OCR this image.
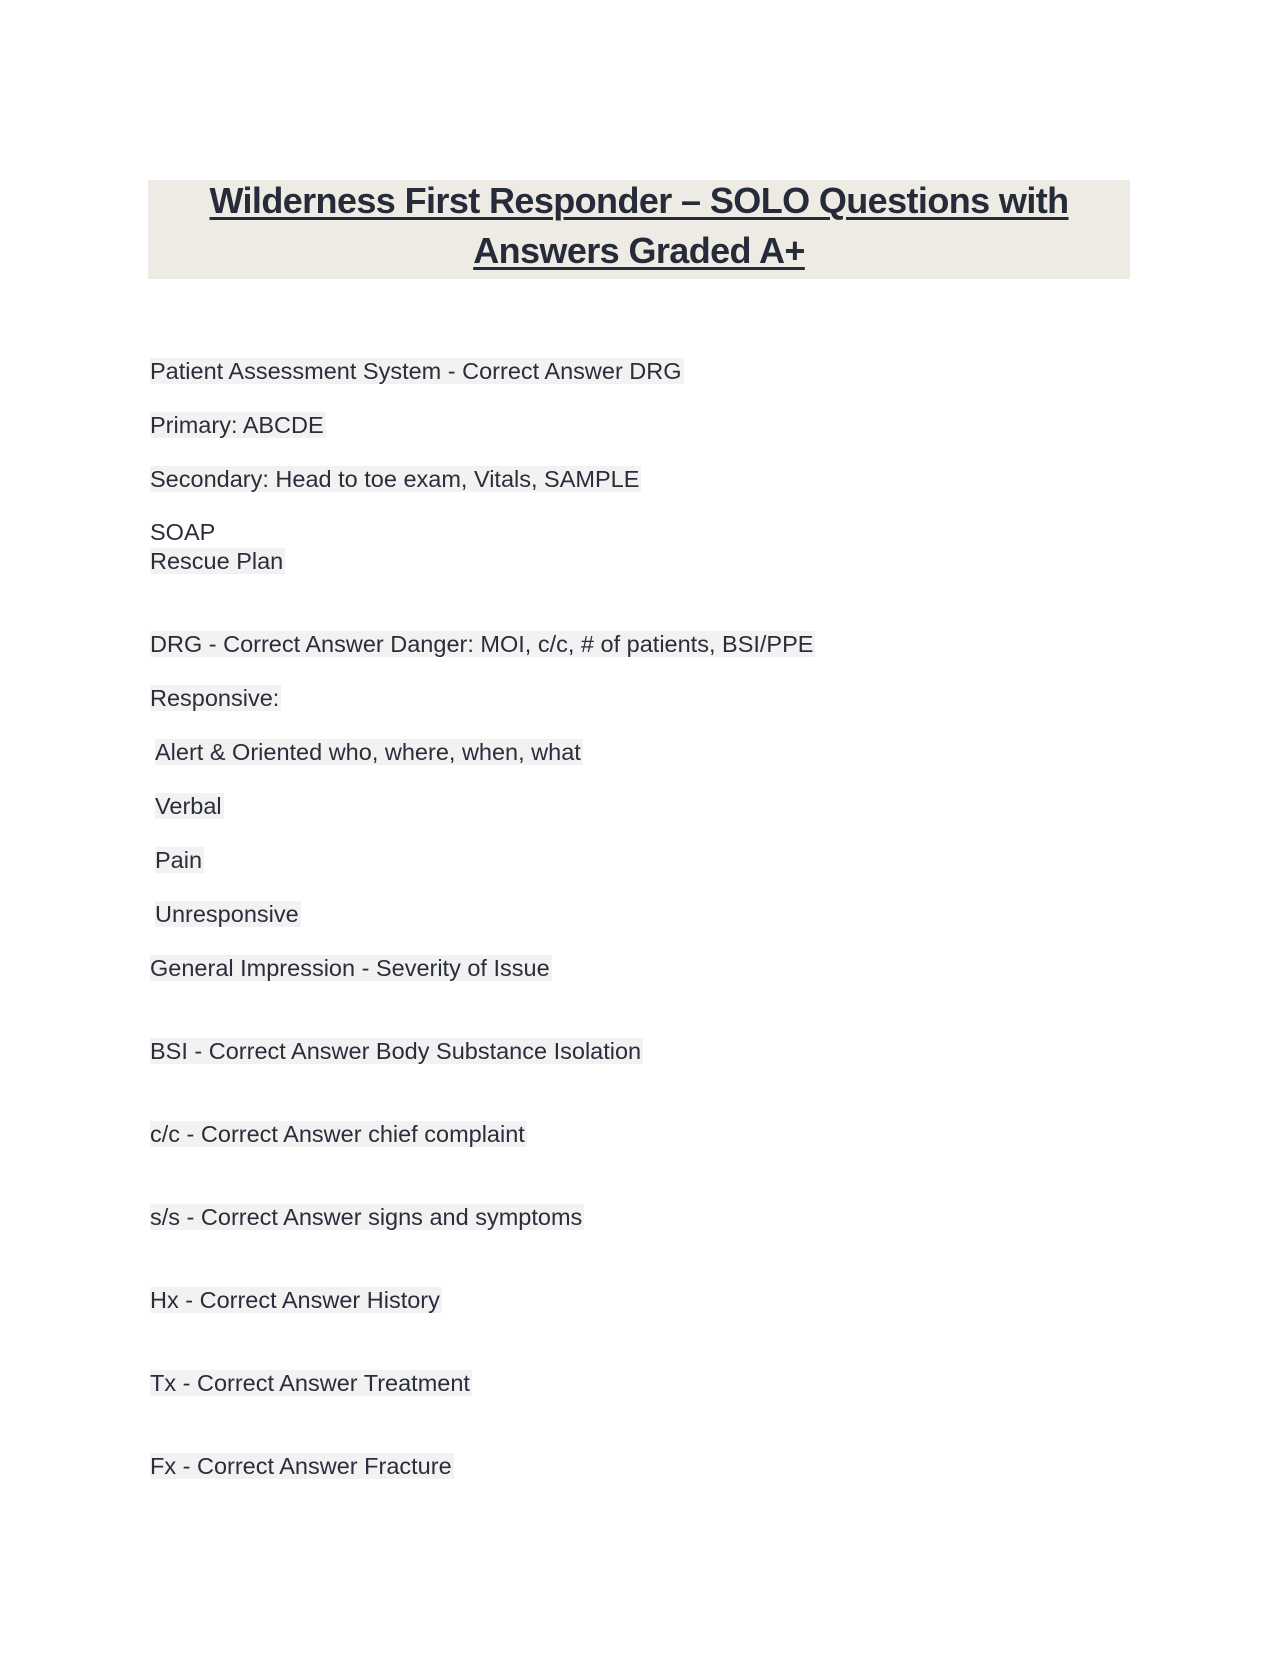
Wilderness First Responder – SOLO Questions with
Answers Graded A+
Patient Assessment System - Correct Answer DRG
Primary: ABCDE
Secondary: Head to toe exam, Vitals, SAMPLE
SOAP
Rescue Plan
DRG - Correct Answer Danger: MOI, c/c, # of patients, BSI/PPE
Responsive:
Alert & Oriented who, where, when, what
Verbal
Pain
Unresponsive
General Impression - Severity of Issue
BSI - Correct Answer Body Substance Isolation
c/c - Correct Answer chief complaint
s/s - Correct Answer signs and symptoms
Hx - Correct Answer History
Tx - Correct Answer Treatment
Fx - Correct Answer Fracture
